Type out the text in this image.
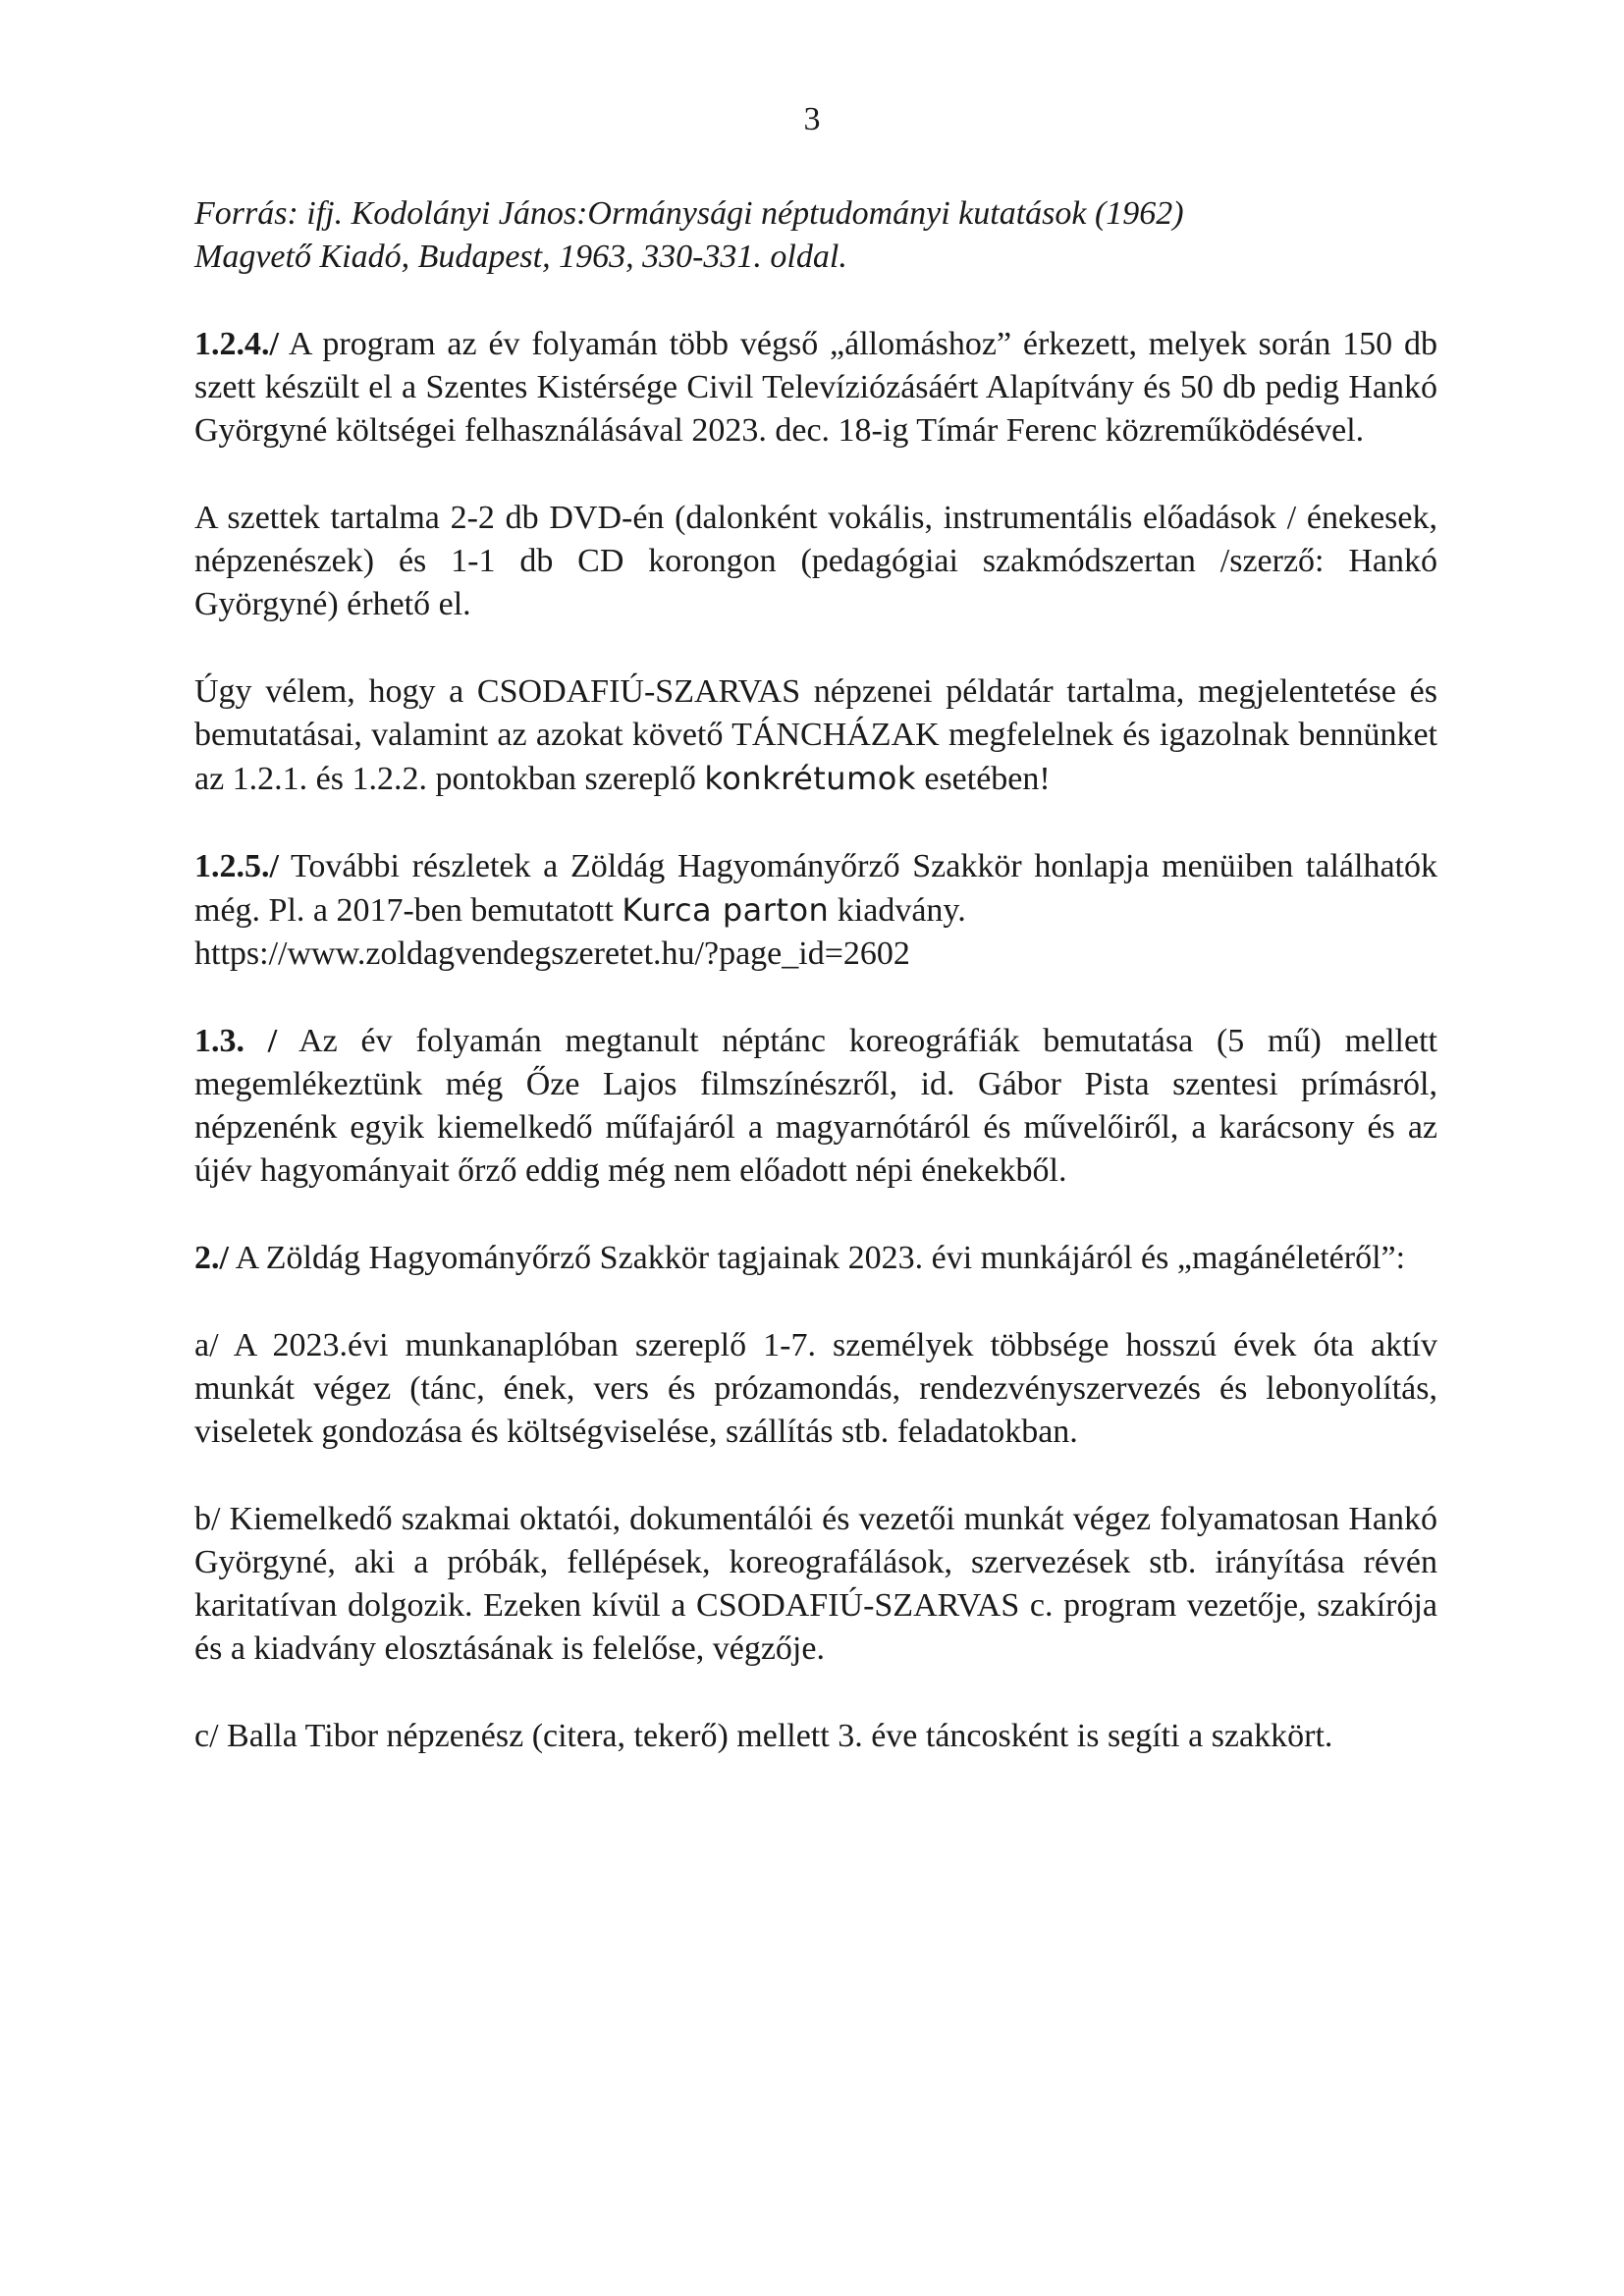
3
Forrás: ifj. Kodolányi János:Ormánysági néptudományi kutatások (1962)
Magvető Kiadó, Budapest, 1963, 330-331. oldal.

1.2.4./ A program az év folyamán több végső „állomáshoz” érkezett, melyek során 150 db szett készült el a Szentes Kistérsége Civil Televíziózásáért Alapítvány és 50 db pedig Hankó Györgyné költségei felhasználásával 2023. dec. 18-ig Tímár Ferenc közreműködésével.

A szettek tartalma 2-2 db DVD-én (dalonként vokális, instrumentális előadások / énekesek, népzenészek) és 1-1 db CD korongon (pedagógiai szakmódszertan /szerző: Hankó Györgyné) érhető el.

Úgy vélem, hogy a CSODAFIÚ-SZARVAS népzenei példatár tartalma, megjelentetése és bemutatásai, valamint az azokat követő TÁNCHÁZAK megfelelnek és igazolnak bennünket az 1.2.1. és 1.2.2. pontokban szereplő konkrétumok esetében!

1.2.5./ További részletek a Zöldág Hagyományőrző Szakkör honlapja menüiben találhatók még. Pl. a 2017-ben bemutatott Kurca parton kiadvány.
https://www.zoldagvendegszeretet.hu/?page_id=2602

1.3. / Az év folyamán megtanult néptánc koreográfiák bemutatása (5 mű) mellett megemlékeztünk még Őze Lajos filmszínészről, id. Gábor Pista szentesi prímásról, népzenénk egyik kiemelkedő műfajáról a magyarnótáról és művelőiről, a karácsony és az újév hagyományait őrző eddig még nem előadott népi énekekből.

2./ A Zöldág Hagyományőrző Szakkör tagjainak 2023. évi munkájáról és „magánéletéről”:

a/ A 2023.évi munkanaplóban szereplő 1-7. személyek többsége hosszú évek óta aktív munkát végez (tánc, ének, vers és prózamondás, rendezvényszervezés és lebonyolítás, viseletek gondozása és költségviselése, szállítás stb. feladatokban.

b/ Kiemelkedő szakmai oktatói, dokumentálói és vezetői munkát végez folyamatosan Hankó Györgyné, aki a próbák, fellépések, koreografálások, szervezések stb. irányítása révén karitatívan dolgozik. Ezeken kívül a CSODAFIÚ-SZARVAS c. program vezetője, szakírója és a kiadvány elosztásának is felelőse, végzője.

c/ Balla Tibor népzenész (citera, tekerő) mellett 3. éve táncosként is segíti a szakkört.
